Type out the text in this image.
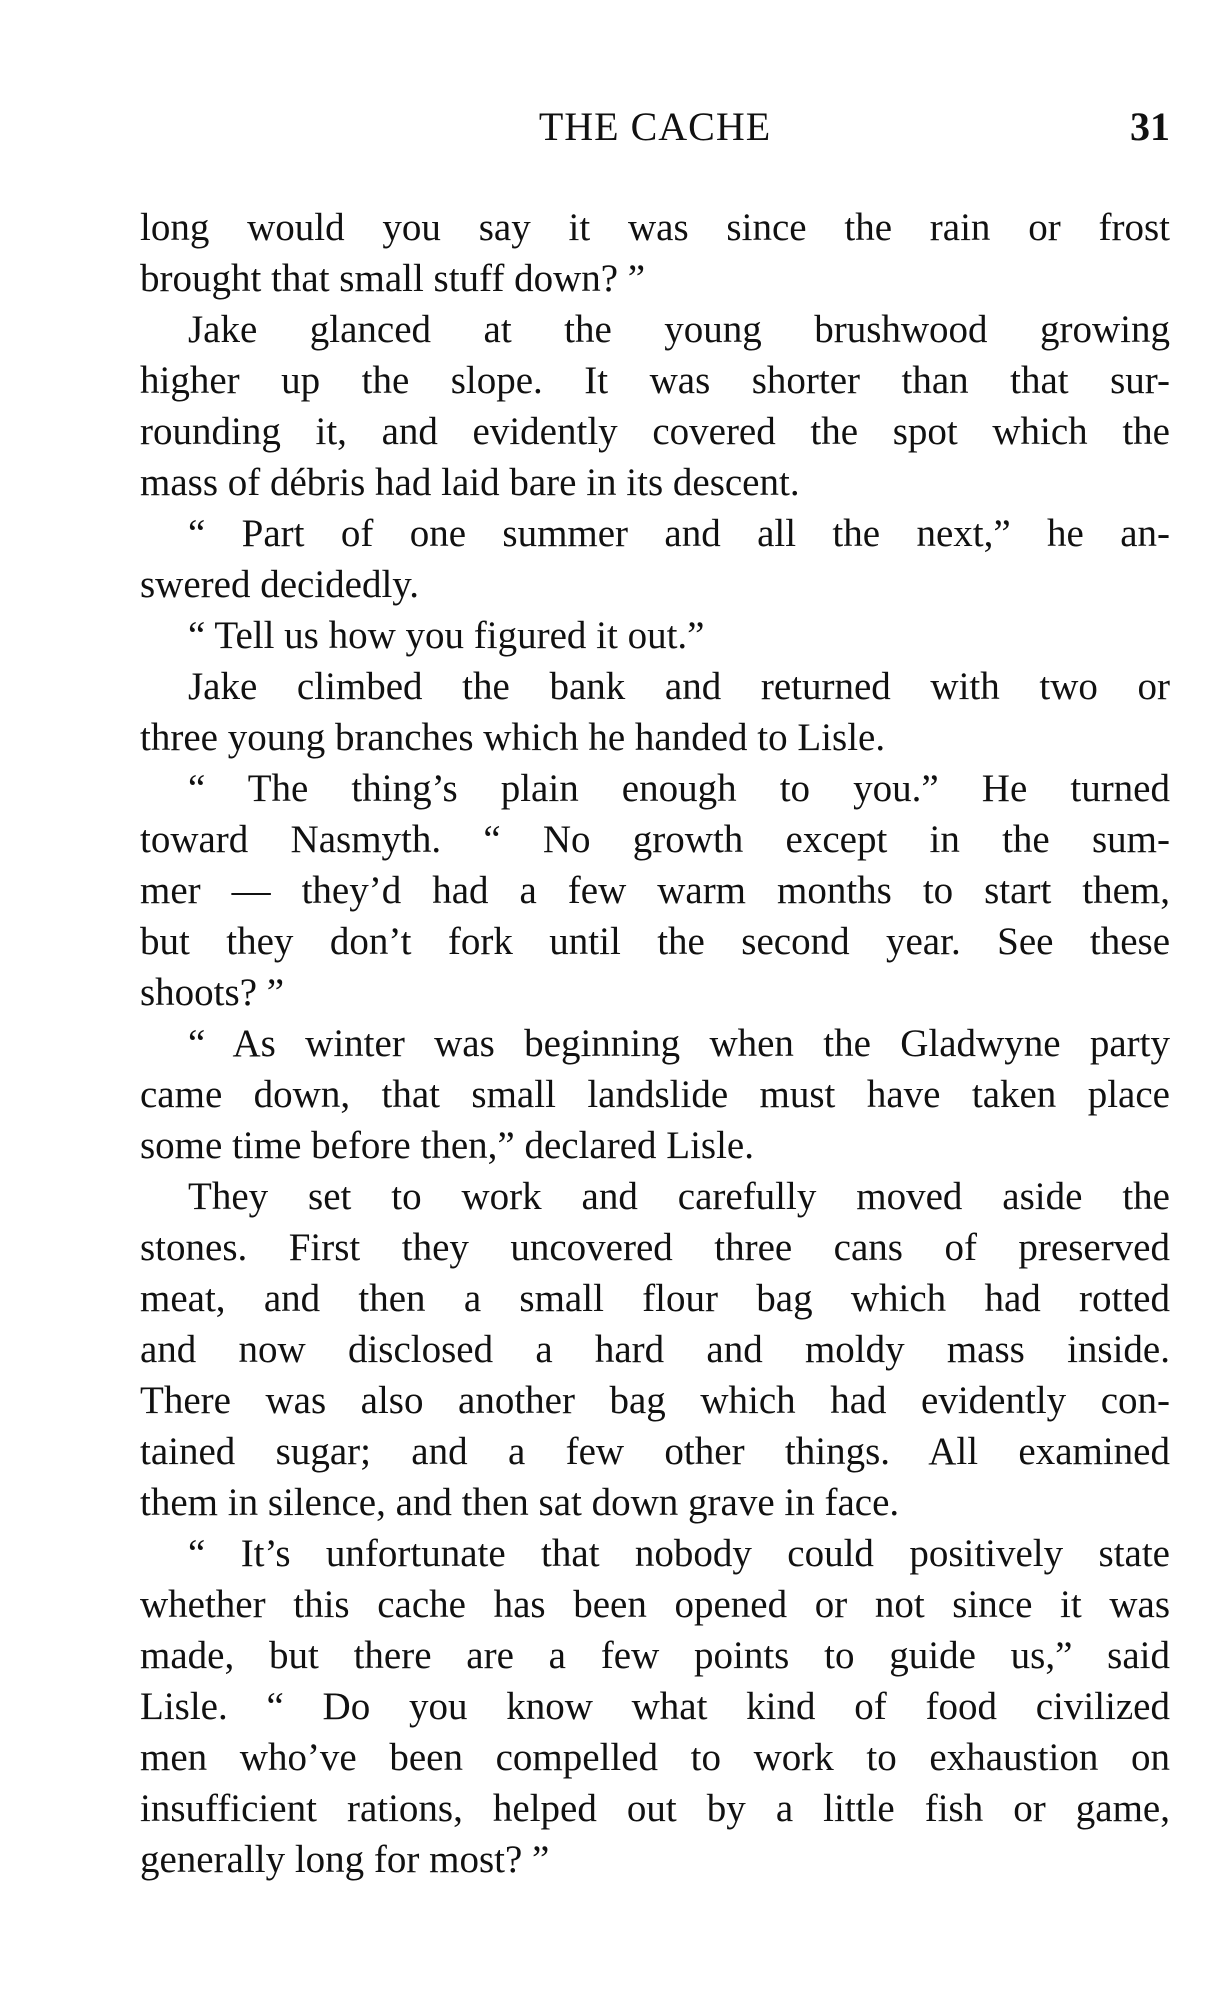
THE CACHE	31
long would you say it was since the rain or frost
brought that small stuff down? ”
Jake glanced at the young brushwood growing
higher up the slope. It was shorter than that sur-
rounding it, and evidently covered the spot which the
mass of débris had laid bare in its descent.
“ Part of one summer and all the next,” he an-
swered decidedly.
“ Tell us how you figured it out.”
Jake climbed the bank and returned with two or
three young branches which he handed to Lisle.
“ The thing’s plain enough to you.” He turned
toward Nasmyth. “ No growth except in the sum-
mer — they’d had a few warm months to start them,
but they don’t fork until the second year. See these
shoots? ”
“ As winter was beginning when the Gladwyne party
came down, that small landslide must have taken place
some time before then,” declared Lisle.
They set to work and carefully moved aside the
stones. First they uncovered three cans of preserved
meat, and then a small flour bag which had rotted
and now disclosed a hard and moldy mass inside.
There was also another bag which had evidently con-
tained sugar; and a few other things. All examined
them in silence, and then sat down grave in face.
“ It’s unfortunate that nobody could positively state
whether this cache has been opened or not since it was
made, but there are a few points to guide us,” said
Lisle. “ Do you know what kind of food civilized
men who’ve been compelled to work to exhaustion on
insufficient rations, helped out by a little fish or game,
generally long for most? ”
